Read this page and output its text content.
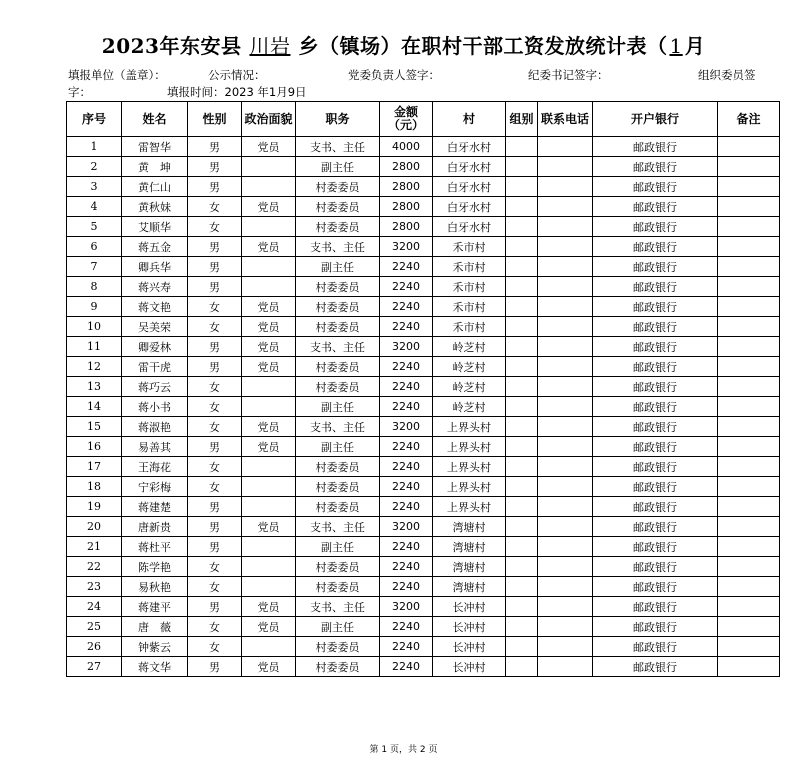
2023年东安县 川岩 乡（镇场）在职村干部工资发放统计表（ 1 月
填报单位（盖章）：	公示情况：	党委负责人签字：	纪委书记签字：	组织委员签
字：	填报时间：2023 年1月9日
序号	姓名	性别	政治面貌	职务	金额（元）	村	组别	联系电话	开户银行	备注
1	雷智华	男	党员	支书、主任	4000	白牙水村			邮政银行	
2	黄　坤	男		副主任	2800	白牙水村			邮政银行	
3	黄仁山	男		村委委员	2800	白牙水村			邮政银行	
4	黄秋妹	女	党员	村委委员	2800	白牙水村			邮政银行	
5	艾顺华	女		村委委员	2800	白牙水村			邮政银行	
6	蒋五金	男	党员	支书、主任	3200	禾市村			邮政银行	
7	卿兵华	男		副主任	2240	禾市村			邮政银行	
8	蒋兴寿	男		村委委员	2240	禾市村			邮政银行	
9	蒋文艳	女	党员	村委委员	2240	禾市村			邮政银行	
10	吴美荣	女	党员	村委委员	2240	禾市村			邮政银行	
11	卿爱林	男	党员	支书、主任	3200	岭芝村			邮政银行	
12	雷干虎	男	党员	村委委员	2240	岭芝村			邮政银行	
13	蒋巧云	女		村委委员	2240	岭芝村			邮政银行	
14	蒋小书	女		副主任	2240	岭芝村			邮政银行	
15	蒋淑艳	女	党员	支书、主任	3200	上界头村			邮政银行	
16	易善其	男	党员	副主任	2240	上界头村			邮政银行	
17	王海花	女		村委委员	2240	上界头村			邮政银行	
18	宁彩梅	女		村委委员	2240	上界头村			邮政银行	
19	蒋建楚	男		村委委员	2240	上界头村			邮政银行	
20	唐新贵	男	党员	支书、主任	3200	湾塘村			邮政银行	
21	蒋杜平	男		副主任	2240	湾塘村			邮政银行	
22	陈学艳	女		村委委员	2240	湾塘村			邮政银行	
23	易秋艳	女		村委委员	2240	湾塘村			邮政银行	
24	蒋建平	男	党员	支书、主任	3200	长冲村			邮政银行	
25	唐　薇	女	党员	副主任	2240	长冲村			邮政银行	
26	钟紫云	女		村委委员	2240	长冲村			邮政银行	
27	蒋文华	男	党员	村委委员	2240	长冲村			邮政银行	
第 1 页，共 2 页
